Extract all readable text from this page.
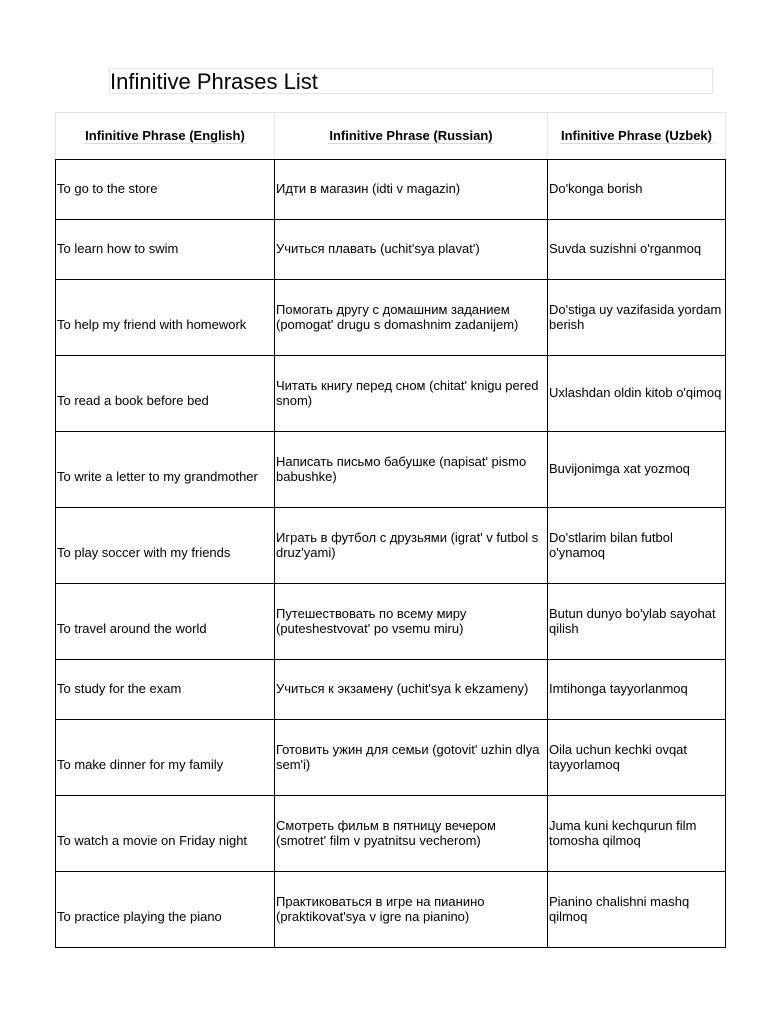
Infinitive Phrases List
Infinitive Phrase (English)	Infinitive Phrase (Russian)	Infinitive Phrase (Uzbek)
To go to the store	Идти в магазин (idti v magazin)	Do'konga borish
To learn how to swim	Учиться плавать (uchit'sya plavat')	Suvda suzishni o'rganmoq
To help my friend with homework	Помогать другу с домашним заданием (pomogat' drugu s domashnim zadanijem)	Do'stiga uy vazifasida yordam berish
To read a book before bed	Читать книгу перед сном (chitat' knigu pered snom)	Uxlashdan oldin kitob o'qimoq
To write a letter to my grandmother	Написать письмо бабушке (napisat' pismo babushke)	Buvijonimga xat yozmoq
To play soccer with my friends	Играть в футбол с друзьями (igrat' v futbol s druz'yami)	Do'stlarim bilan futbol o'ynamoq
To travel around the world	Путешествовать по всему миру (puteshestvovat' po vsemu miru)	Butun dunyo bo'ylab sayohat qilish
To study for the exam	Учиться к экзамену (uchit'sya k ekzameny)	Imtihonga tayyorlanmoq
To make dinner for my family	Готовить ужин для семьи (gotovit' uzhin dlya sem'i)	Oila uchun kechki ovqat tayyorlamoq
To watch a movie on Friday night	Смотреть фильм в пятницу вечером (smotret' film v pyatnitsu vecherom)	Juma kuni kechqurun film tomosha qilmoq
To practice playing the piano	Практиковаться в игре на пианино (praktikovat'sya v igre na pianino)	Pianino chalishni mashq qilmoq
